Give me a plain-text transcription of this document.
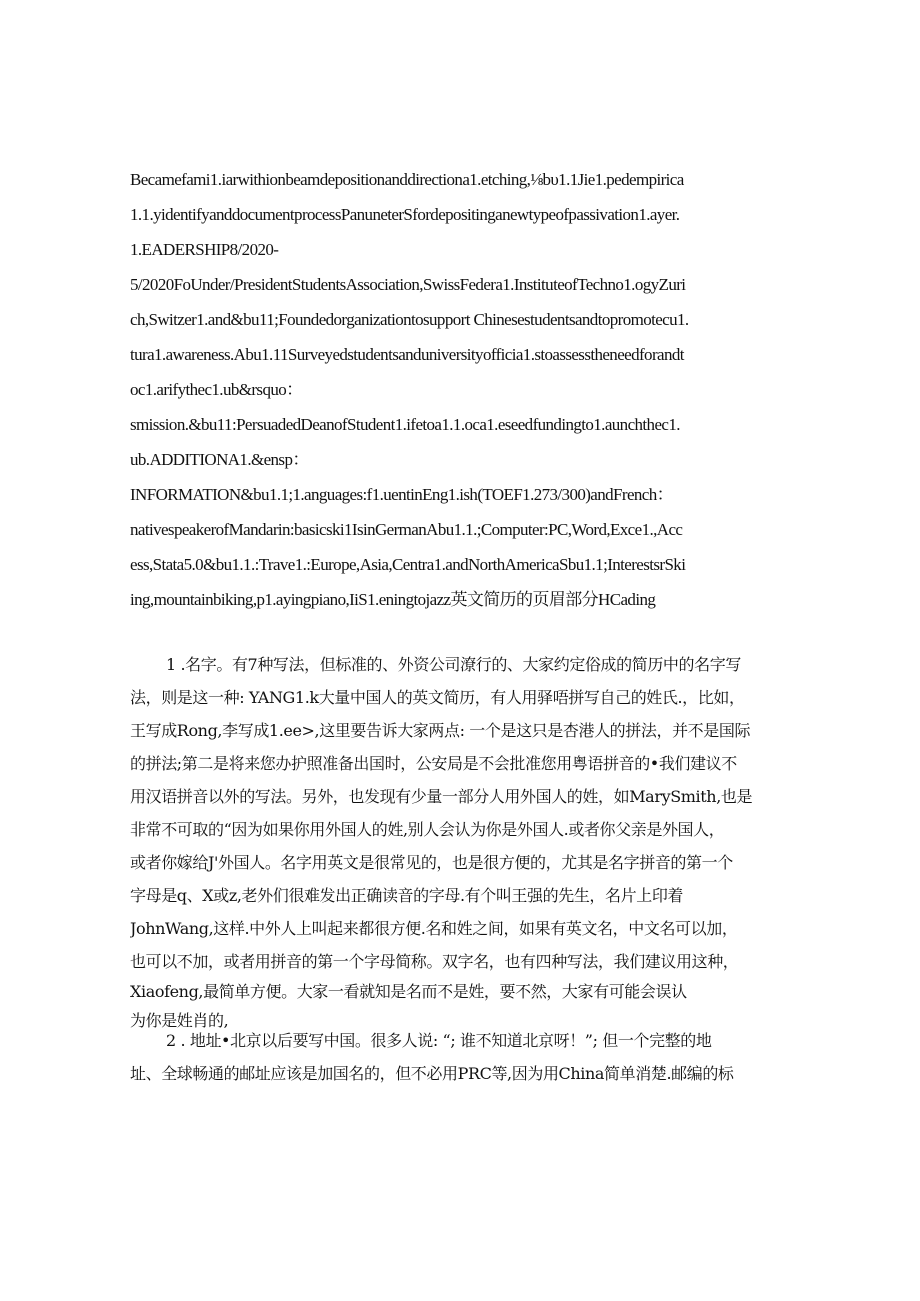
Becamefami1.iarwithionbeamdepositionanddirectiona1.etching,⅛bυ1.1Jie1.pedempirica
1.1.yidentifyanddocumentprocessPanuneterSfordepositinganewtypeofpassivation1.ayer.
1.EADERSHIP8/2020-
5/2020FoUnder/PresidentStudentsAssociation,SwissFedera1.InstituteofTechno1.ogyZuri
ch,Switzer1.and&bu11;Foundedorganizationtosupport Chinesestudentsandtopromotecu1.
tura1.awareness.Abu1.11Surveyedstudentsanduniversityofficia1.stoassesstheneedforandt
oc1.arifythec1.ub&rsquo：
smission.&bu11:PersuadedDeanofStudent1.ifetoa1.1.oca1.eseedfundingto1.aunchthec1.
ub.ADDITIONA1.&ensp：
INFORMATION&bu1.1;1.anguages:f1.uentinEng1.ish(TOEF1.273/300)andFrench：
nativespeakerofMandarin:basicski1IsinGermanAbu1.1.;Computer:PC,Word,Exce1.,Acc
ess,Stata5.0&bu1.1.:Trave1.:Europe,Asia,Centra1.andNorthAmericaSbu1.1;InterestsrSki
ing,mountainbiking,p1.ayingpiano,IiS1.eningtojazz英文简历的页眉部分HCading
1 .名字。有7种写法，但标准的、外资公司潦行的、大家约定俗成的简历中的名字写
法，则是这一种: YANG1.k大量中国人的英文简历，有人用驿唔拼写自己的姓氏.，比如，
王写成Rong,李写成1.ee>,这里要告诉大家两点: 一个是这只是杏港人的拼法，并不是国际
的拼法;第二是将来您办护照准备出国时，公安局是不会批准您用粤语拼音的•我们建议不
用汉语拼音以外的写法。另外，也发现有少量一部分人用外国人的姓，如MarySmith,也是
非常不可取的“因为如果你用外国人的姓,别人会认为你是外国人.或者你父亲是外国人，
或者你嫁给J'外国人。名字用英文是很常见的，也是很方便的，尤其是名字拼音的第一个
字母是q、X或z,老外们很难发出正确读音的字母.有个叫王强的先生，名片上印着
JohnWang,这样.中外人上叫起来都很方便.名和姓之间，如果有英文名，中文名可以加，
也可以不加，或者用拼音的第一个字母简称。双字名，也有四种写法，我们建议用这种，
Xiaofeng,最简单方便。大家一看就知是名而不是姓，要不然，大家有可能会误认
为你是姓肖的,
2 . 地址•北京以后要写中国。很多人说: “; 谁不知道北京呀！”; 但一个完整的地
址、全球畅通的邮址应该是加国名的，但不必用PRC等,因为用China简单消楚.邮编的标
